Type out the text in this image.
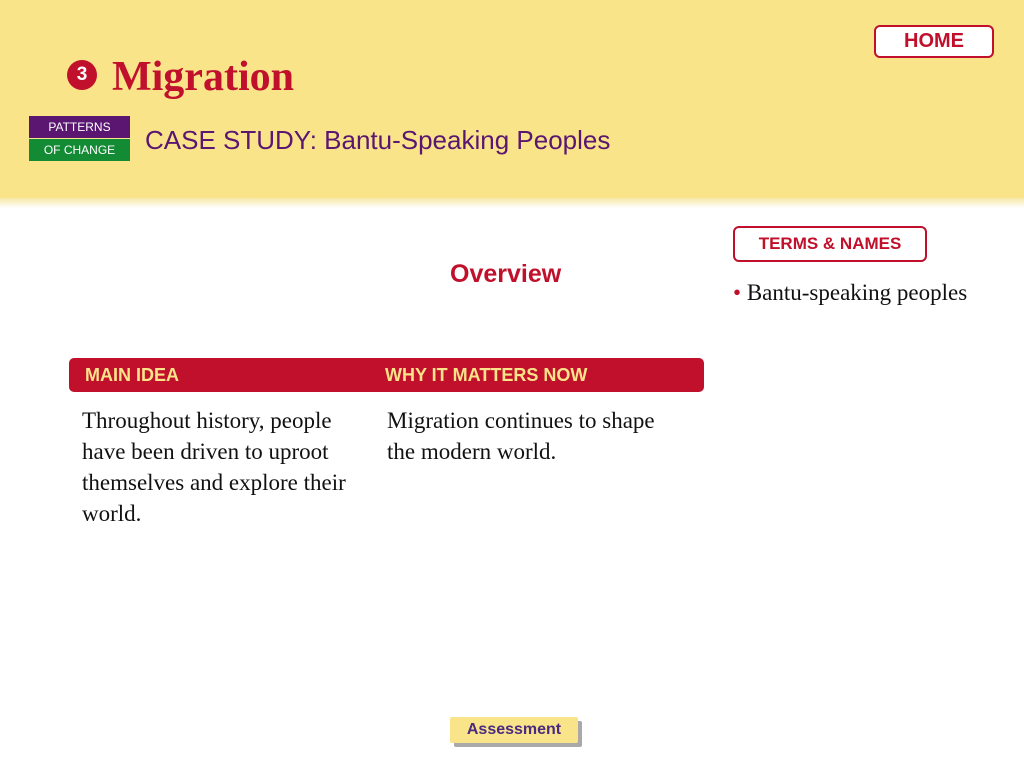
HOME
3 Migration
PATTERNS
OF CHANGE	CASE STUDY: Bantu-Speaking Peoples
TERMS & NAMES
• Bantu-speaking peoples
Overview
MAIN IDEA	WHY IT MATTERS NOW

Throughout history, people have been driven to uproot themselves and explore their world.

Migration continues to shape the modern world.

Assessment
